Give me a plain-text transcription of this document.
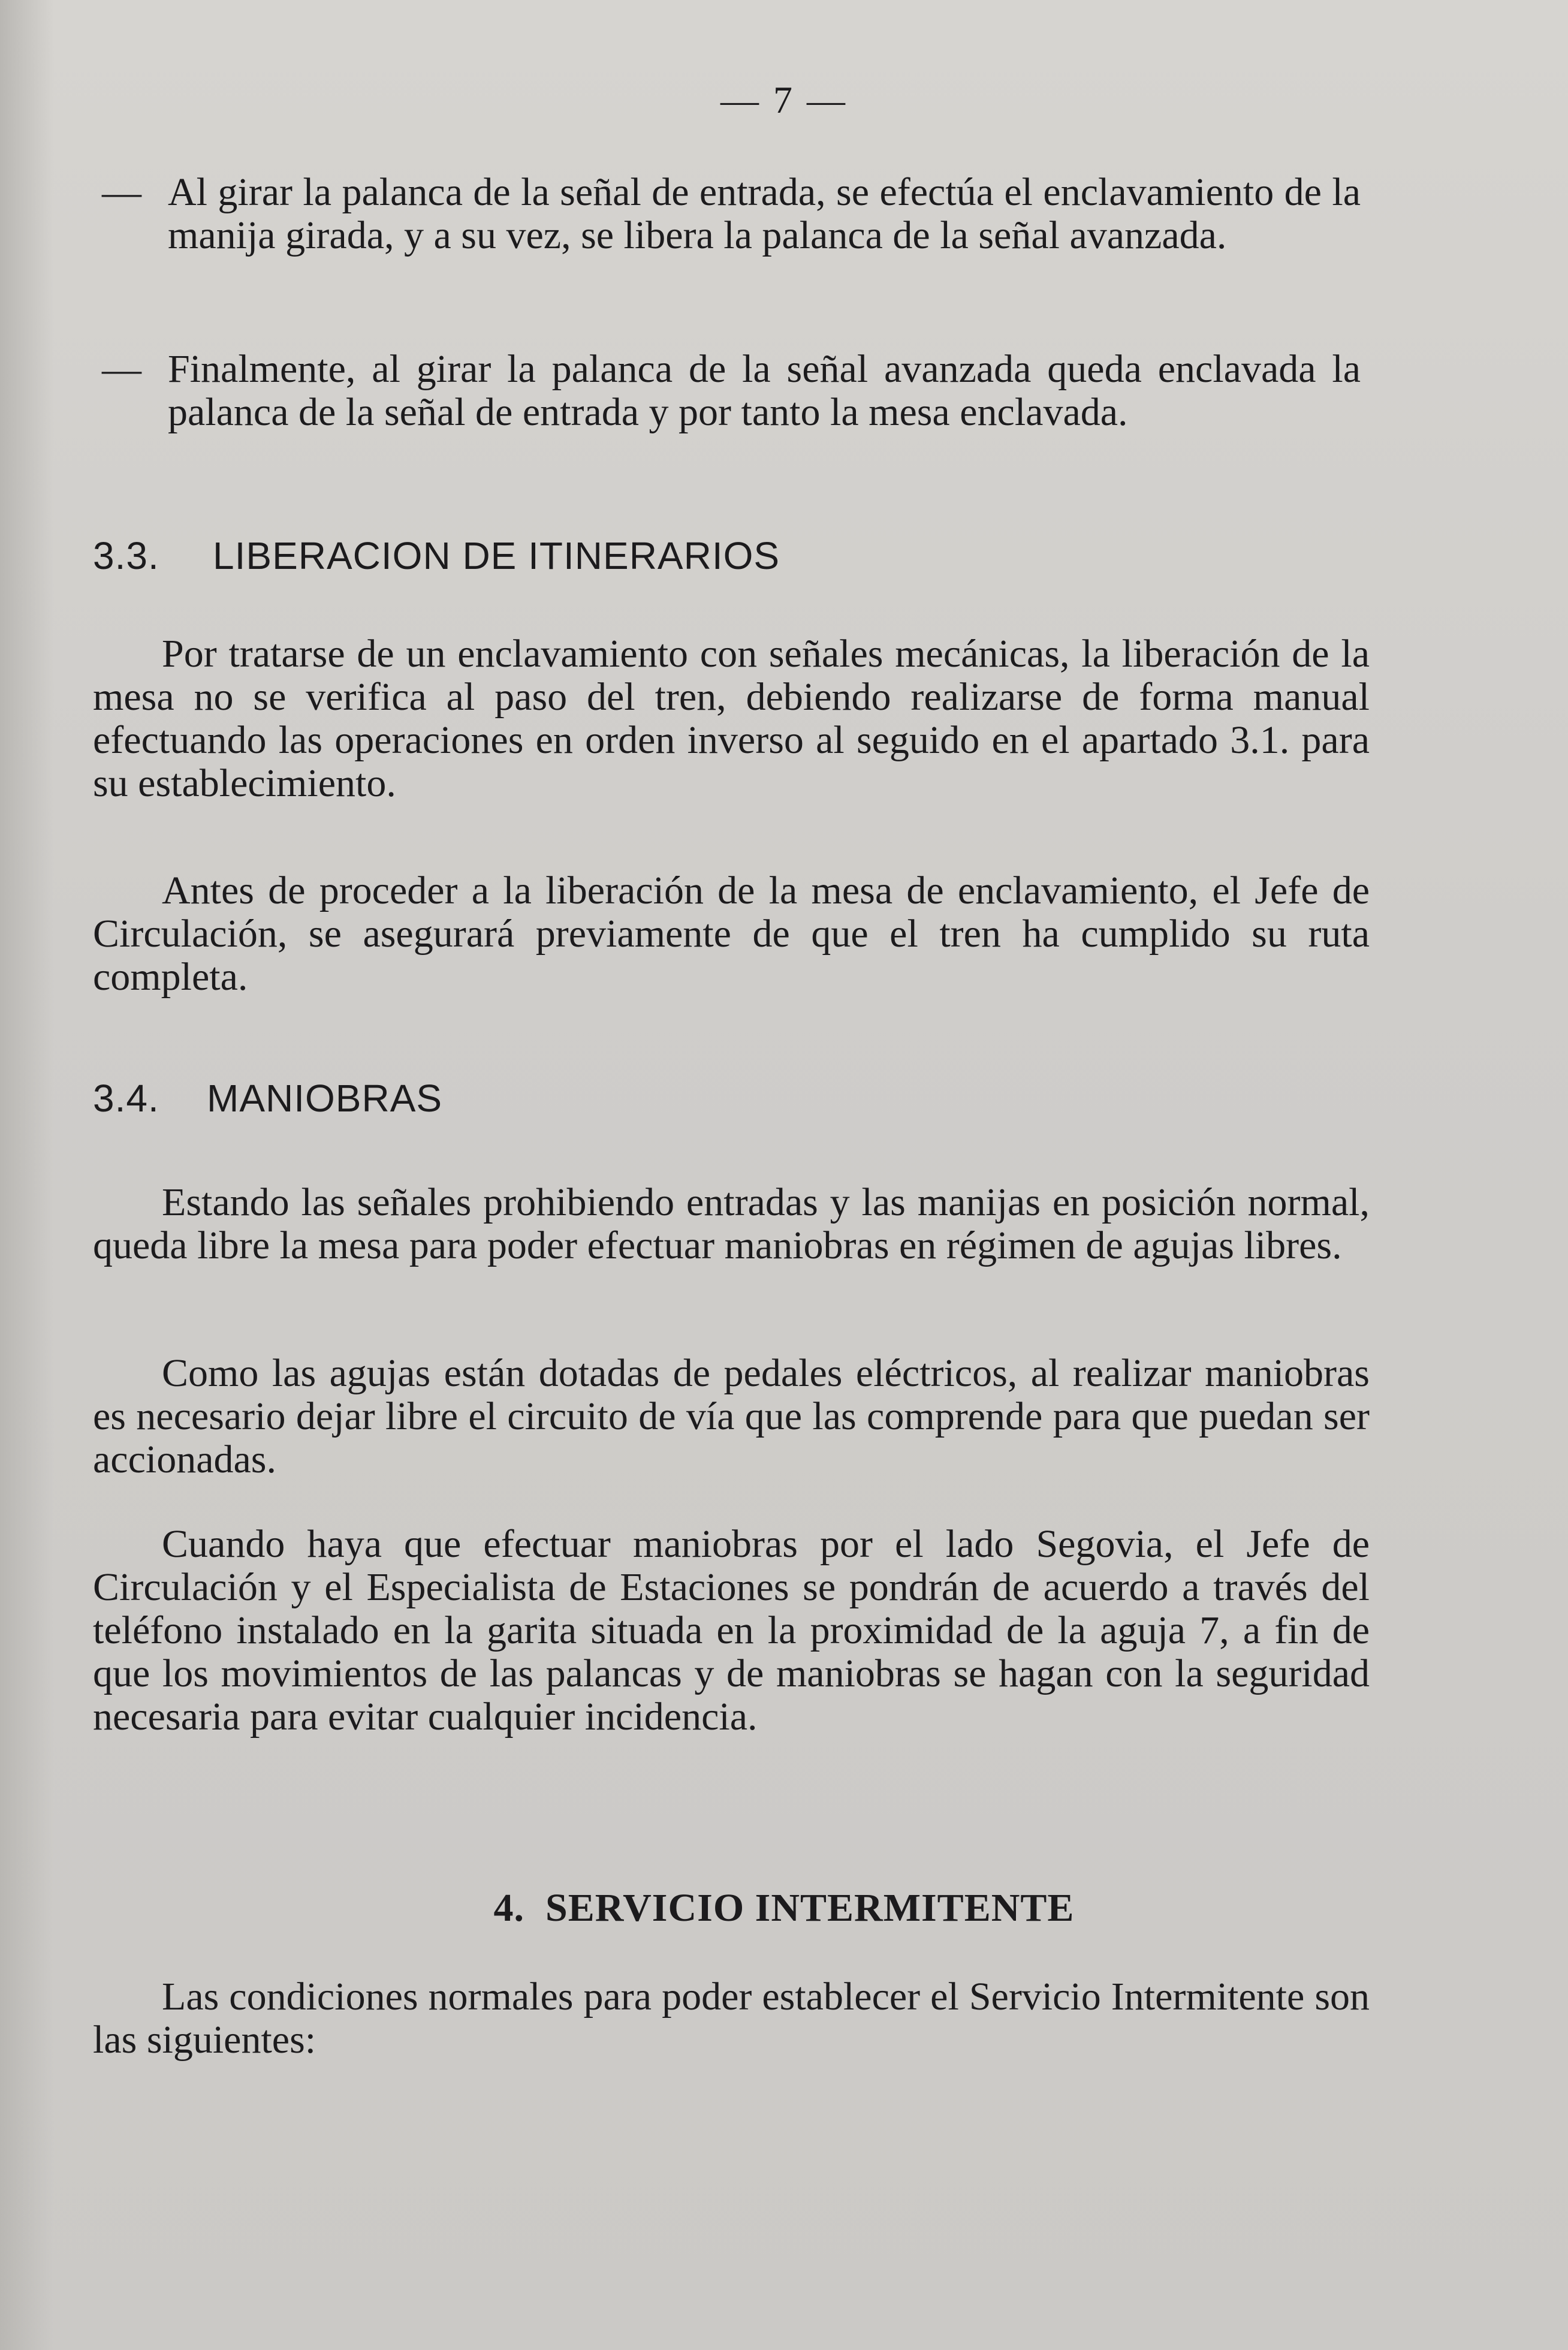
— 7 —

— Al girar la palanca de la señal de entrada, se efectúa el enclavamiento de la manija girada, y a su vez, se libera la palanca de la señal avanzada.

— Finalmente, al girar la palanca de la señal avanzada queda enclavada la palanca de la señal de entrada y por tanto la mesa enclavada.

3.3. LIBERACION DE ITINERARIOS

Por tratarse de un enclavamiento con señales mecánicas, la liberación de la mesa no se verifica al paso del tren, debiendo realizarse de forma manual efectuando las operaciones en orden inverso al seguido en el apartado 3.1. para su establecimiento.

Antes de proceder a la liberación de la mesa de enclavamiento, el Jefe de Circulación, se asegurará previamente de que el tren ha cumplido su ruta completa.

3.4. MANIOBRAS

Estando las señales prohibiendo entradas y las manijas en posición normal, queda libre la mesa para poder efectuar maniobras en régimen de agujas libres.

Como las agujas están dotadas de pedales eléctricos, al realizar maniobras es necesario dejar libre el circuito de vía que las comprende para que puedan ser accionadas.

Cuando haya que efectuar maniobras por el lado Segovia, el Jefe de Circulación y el Especialista de Estaciones se pondrán de acuerdo a través del teléfono instalado en la garita situada en la proximidad de la aguja 7, a fin de que los movimientos de las palancas y de maniobras se hagan con la seguridad necesaria para evitar cualquier incidencia.

4. SERVICIO INTERMITENTE

Las condiciones normales para poder establecer el Servicio Intermitente son las siguientes:
